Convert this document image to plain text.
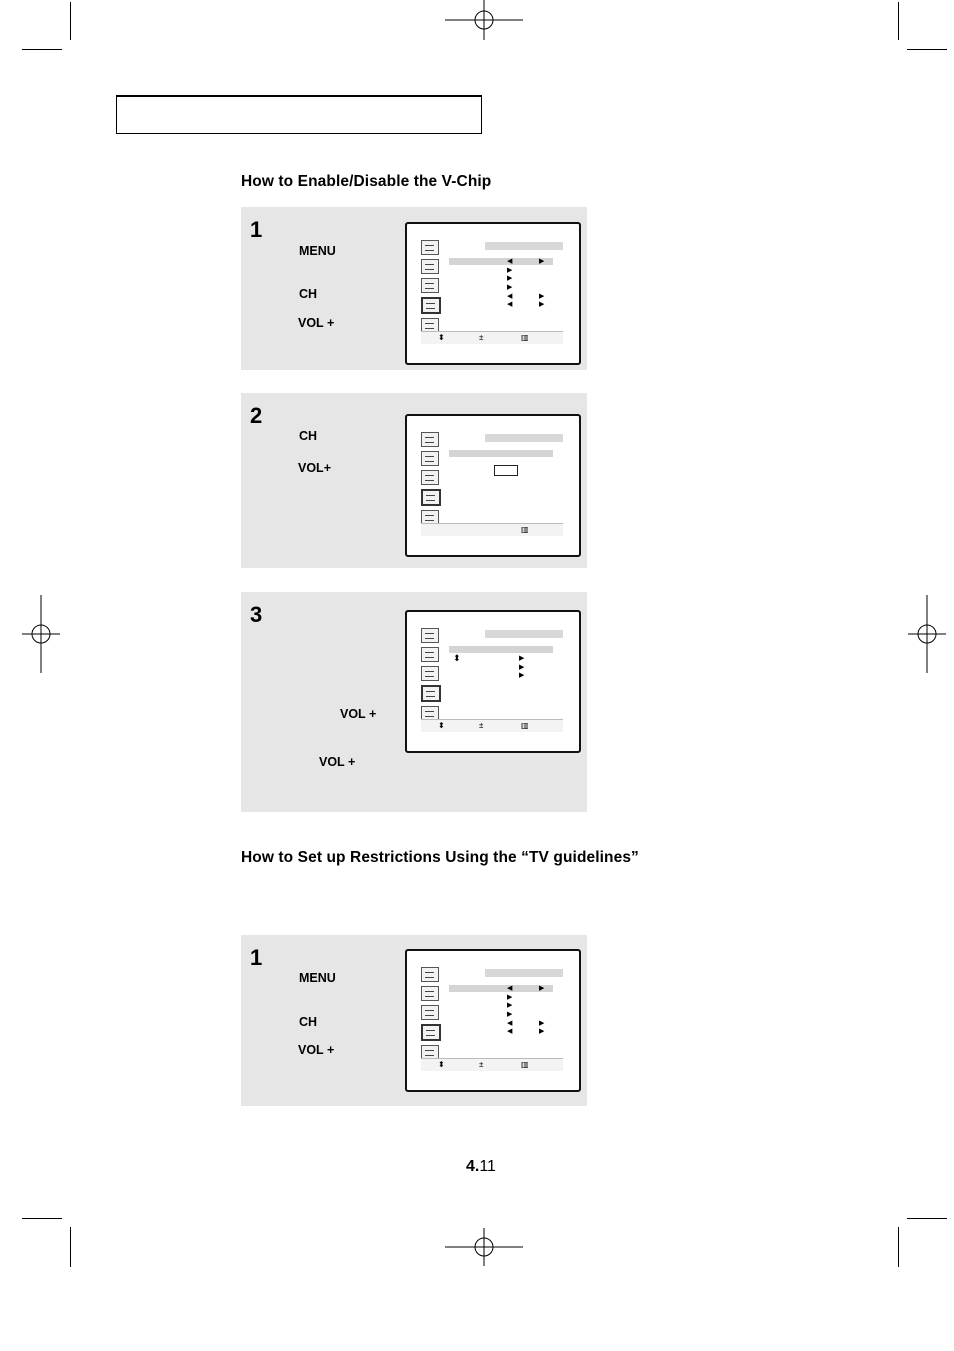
How to Enable/Disable the V-Chip
1
MENU
CH
VOL +
◀	▶
▶
▶
▶
◀	▶
◀	▶
⬍	±	▥
2
CH
VOL+
▥
3
VOL +
VOL +
⬍	▶
▶
▶
⬍	±	▥
How to Set up Restrictions Using the “TV guidelines”
1
MENU
CH
VOL +
◀	▶
▶
▶
▶
◀	▶
◀	▶
⬍	±	▥
4.11
